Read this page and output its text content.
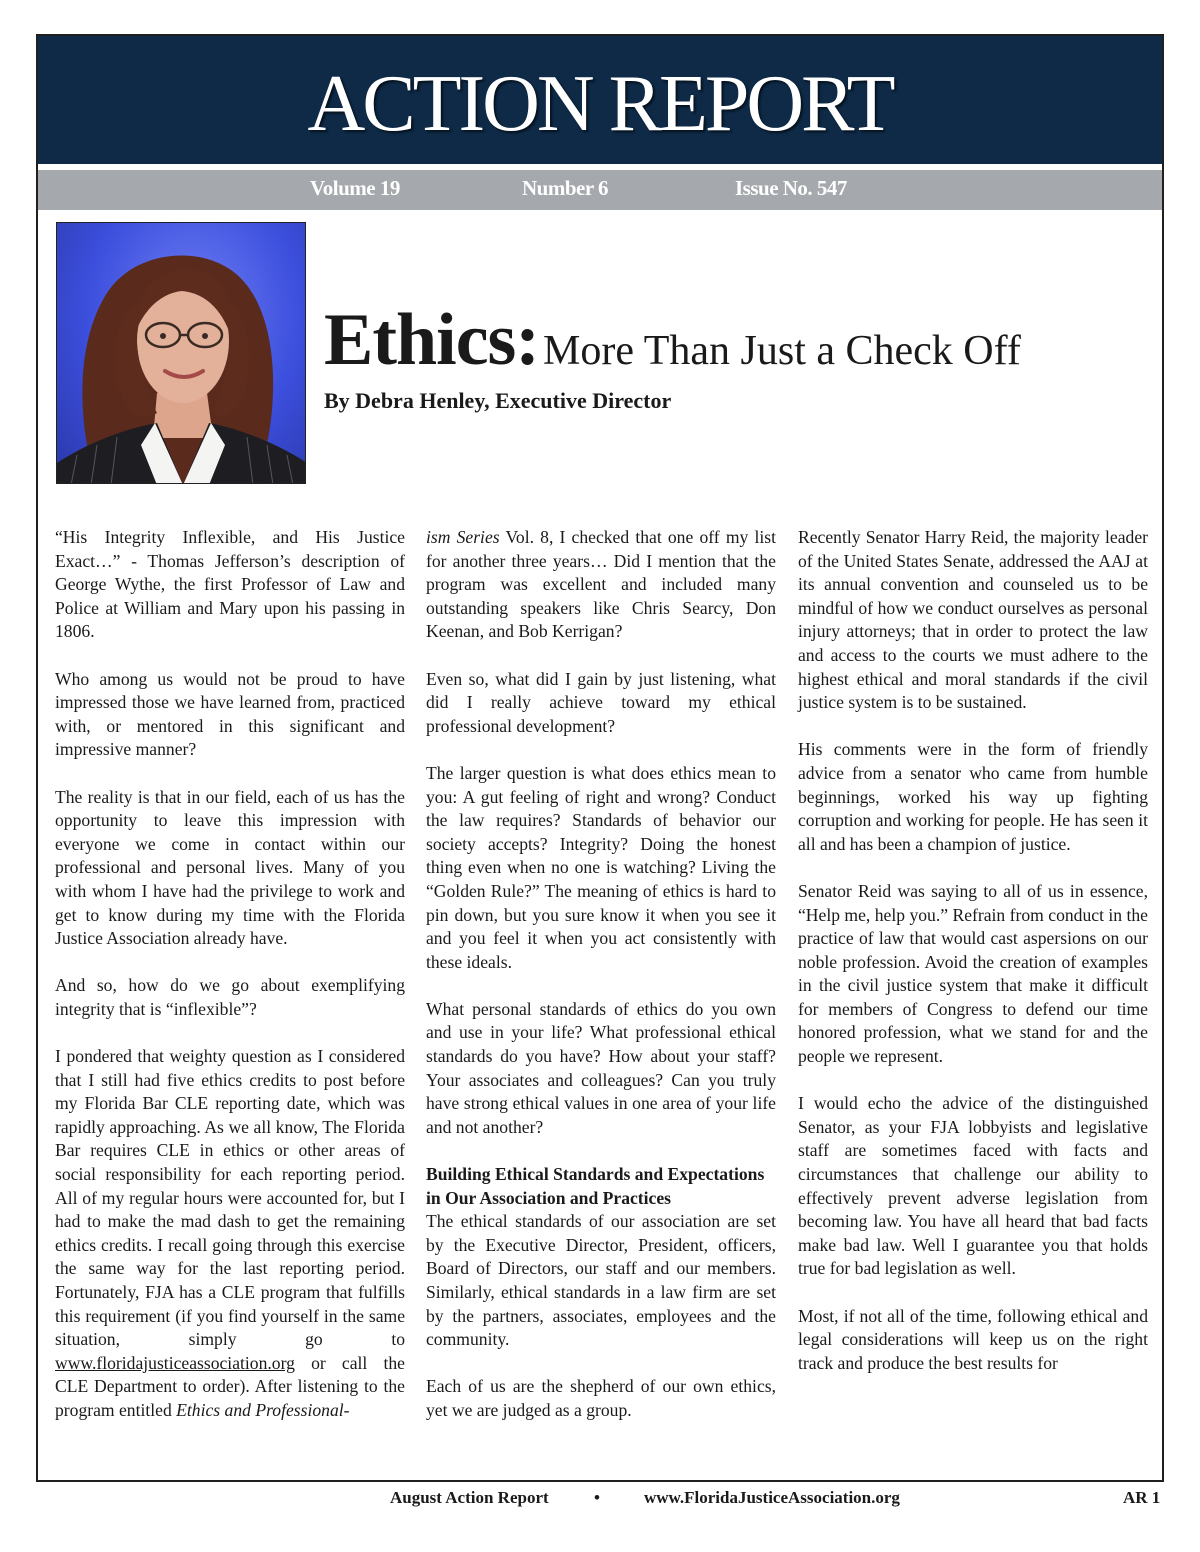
ACTION REPORT
Volume 19	Number 6	Issue No. 547
Ethics: More Than Just a Check Off
By Debra Henley, Executive Director

“His Integrity Inflexible, and His Justice Exact…” - Thomas Jefferson’s description of George Wythe, the first Professor of Law and Police at William and Mary upon his passing in 1806.

Who among us would not be proud to have impressed those we have learned from, practiced with, or mentored in this significant and impressive manner?

The reality is that in our field, each of us has the opportunity to leave this impression with everyone we come in contact within our professional and personal lives. Many of you with whom I have had the privilege to work and get to know during my time with the Florida Justice Association already have.

And so, how do we go about exemplifying integrity that is “inflexible”?

I pondered that weighty question as I considered that I still had five ethics credits to post before my Florida Bar CLE reporting date, which was rapidly approaching. As we all know, The Florida Bar requires CLE in ethics or other areas of social responsibility for each reporting period. All of my regular hours were accounted for, but I had to make the mad dash to get the remaining ethics credits. I recall going through this exercise the same way for the last reporting period. Fortunately, FJA has a CLE program that fulfills this requirement (if you find yourself in the same situation, simply go to www.floridajusticeassociation.org or call the CLE Department to order). After listening to the program entitled Ethics and Professional-

ism Series Vol. 8, I checked that one off my list for another three years… Did I mention that the program was excellent and included many outstanding speakers like Chris Searcy, Don Keenan, and Bob Kerrigan?

Even so, what did I gain by just listening, what did I really achieve toward my ethical professional development?

The larger question is what does ethics mean to you: A gut feeling of right and wrong? Conduct the law requires? Standards of behavior our society accepts? Integrity? Doing the honest thing even when no one is watching? Living the “Golden Rule?” The meaning of ethics is hard to pin down, but you sure know it when you see it and you feel it when you act consistently with these ideals.

What personal standards of ethics do you own and use in your life? What professional ethical standards do you have? How about your staff? Your associates and colleagues? Can you truly have strong ethical values in one area of your life and not another?

Building Ethical Standards and Expectations in Our Association and Practices

The ethical standards of our association are set by the Executive Director, President, officers, Board of Directors, our staff and our members. Similarly, ethical standards in a law firm are set by the partners, associates, employees and the community.

Each of us are the shepherd of our own ethics, yet we are judged as a group.

Recently Senator Harry Reid, the majority leader of the United States Senate, addressed the AAJ at its annual convention and counseled us to be mindful of how we conduct ourselves as personal injury attorneys; that in order to protect the law and access to the courts we must adhere to the highest ethical and moral standards if the civil justice system is to be sustained.

His comments were in the form of friendly advice from a senator who came from humble beginnings, worked his way up fighting corruption and working for people. He has seen it all and has been a champion of justice.

Senator Reid was saying to all of us in essence, “Help me, help you.” Refrain from conduct in the practice of law that would cast aspersions on our noble profession. Avoid the creation of examples in the civil justice system that make it difficult for members of Congress to defend our time honored profession, what we stand for and the people we represent.

I would echo the advice of the distinguished Senator, as your FJA lobbyists and legislative staff are sometimes faced with facts and circumstances that challenge our ability to effectively prevent adverse legislation from becoming law. You have all heard that bad facts make bad law. Well I guarantee you that holds true for bad legislation as well.

Most, if not all of the time, following ethical and legal considerations will keep us on the right track and produce the best results for

August Action Report	•	www.FloridaJusticeAssociation.org	AR 1
